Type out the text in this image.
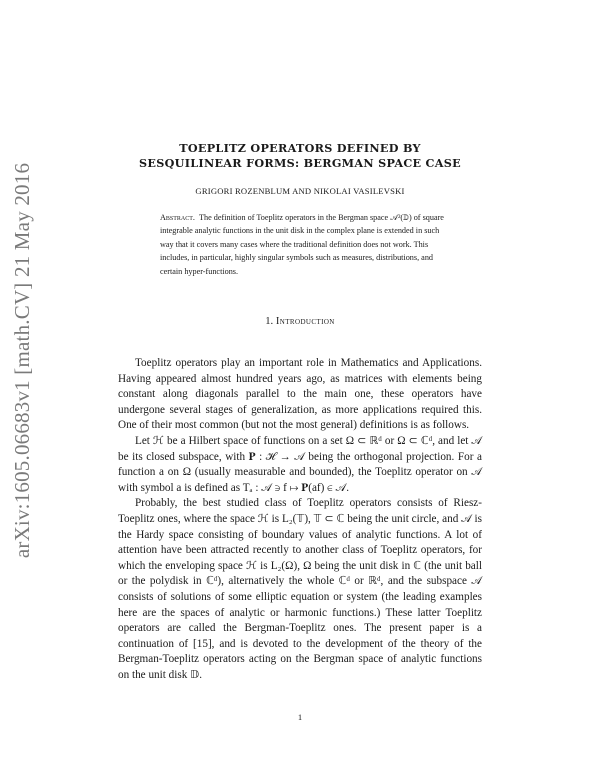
arXiv:1605.06683v1 [math.CV] 21 May 2016
TOEPLITZ OPERATORS DEFINED BY
SESQUILINEAR FORMS: BERGMAN SPACE CASE
GRIGORI ROZENBLUM AND NIKOLAI VASILEVSKI
Abstract. The definition of Toeplitz operators in the Bergman space 𝒜²(𝔻) of square integrable analytic functions in the unit disk in the complex plane is extended in such way that it covers many cases where the traditional definition does not work. This includes, in particular, highly singular symbols such as measures, distributions, and certain hyper-functions.
1. Introduction

Toeplitz operators play an important role in Mathematics and Applications. Having appeared almost hundred years ago, as matrices with elements being constant along diagonals parallel to the main one, these operators have undergone several stages of generalization, as more applications required this. One of their most common (but not the most general) definitions is as follows.

Let ℋ be a Hilbert space of functions on a set Ω ⊂ ℝᵈ or Ω ⊂ ℂᵈ, and let 𝒜 be its closed subspace, with 𝐏 : ℋ → 𝒜 being the orthogonal projection. For a function a on Ω (usually measurable and bounded), the Toeplitz operator on 𝒜 with symbol a is defined as Tₐ : 𝒜 ∋ f ↦ 𝐏(af) ∈ 𝒜.

Probably, the best studied class of Toeplitz operators consists of Riesz-Toeplitz ones, where the space ℋ is L₂(𝕋), 𝕋 ⊂ ℂ being the unit circle, and 𝒜 is the Hardy space consisting of boundary values of analytic functions. A lot of attention have been attracted recently to another class of Toeplitz operators, for which the enveloping space ℋ is L₂(Ω), Ω being the unit disk in ℂ (the unit ball or the polydisk in ℂᵈ), alternatively the whole ℂᵈ or ℝᵈ, and the subspace 𝒜 consists of solutions of some elliptic equation or system (the leading examples here are the spaces of analytic or harmonic functions.) These latter Toeplitz operators are called the Bergman-Toeplitz ones. The present paper is a continuation of [15], and is devoted to the development of the theory of the Bergman-Toeplitz operators acting on the Bergman space of analytic functions on the unit disk 𝔻.

1
